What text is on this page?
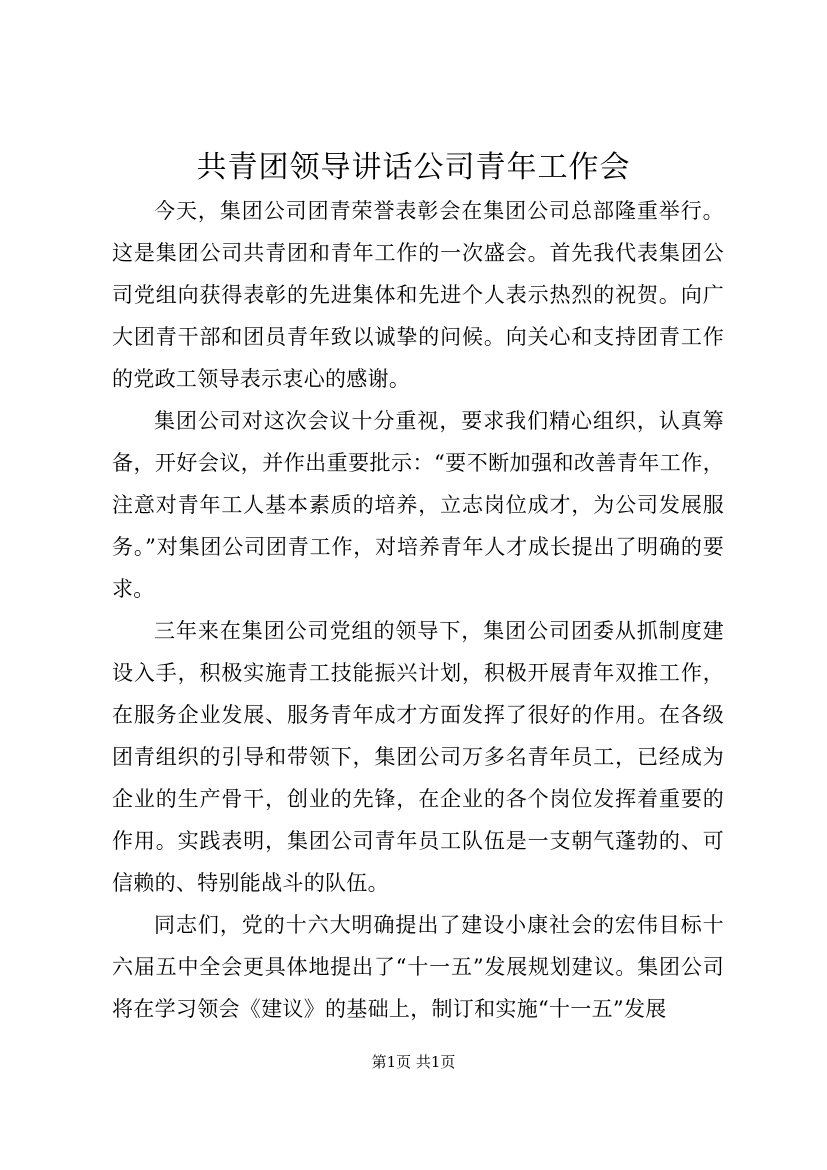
共青团领导讲话公司青年工作会

今天，集团公司团青荣誉表彰会在集团公司总部隆重举行。这是集团公司共青团和青年工作的一次盛会。首先我代表集团公司党组向获得表彰的先进集体和先进个人表示热烈的祝贺。向广大团青干部和团员青年致以诚挚的问候。向关心和支持团青工作的党政工领导表示衷心的感谢。

集团公司对这次会议十分重视，要求我们精心组织，认真筹备，开好会议，并作出重要批示：“要不断加强和改善青年工作，注意对青年工人基本素质的培养，立志岗位成才，为公司发展服务。”对集团公司团青工作，对培养青年人才成长提出了明确的要求。

三年来在集团公司党组的领导下，集团公司团委从抓制度建设入手，积极实施青工技能振兴计划，积极开展青年双推工作，在服务企业发展、服务青年成才方面发挥了很好的作用。在各级团青组织的引导和带领下，集团公司万多名青年员工，已经成为企业的生产骨干，创业的先锋，在企业的各个岗位发挥着重要的作用。实践表明，集团公司青年员工队伍是一支朝气蓬勃的、可信赖的、特别能战斗的队伍。

同志们，党的十六大明确提出了建设小康社会的宏伟目标十六届五中全会更具体地提出了“十一五”发展规划建议。集团公司将在学习领会《建议》的基础上，制订和实施“十一五”发展

第1页 共1页
